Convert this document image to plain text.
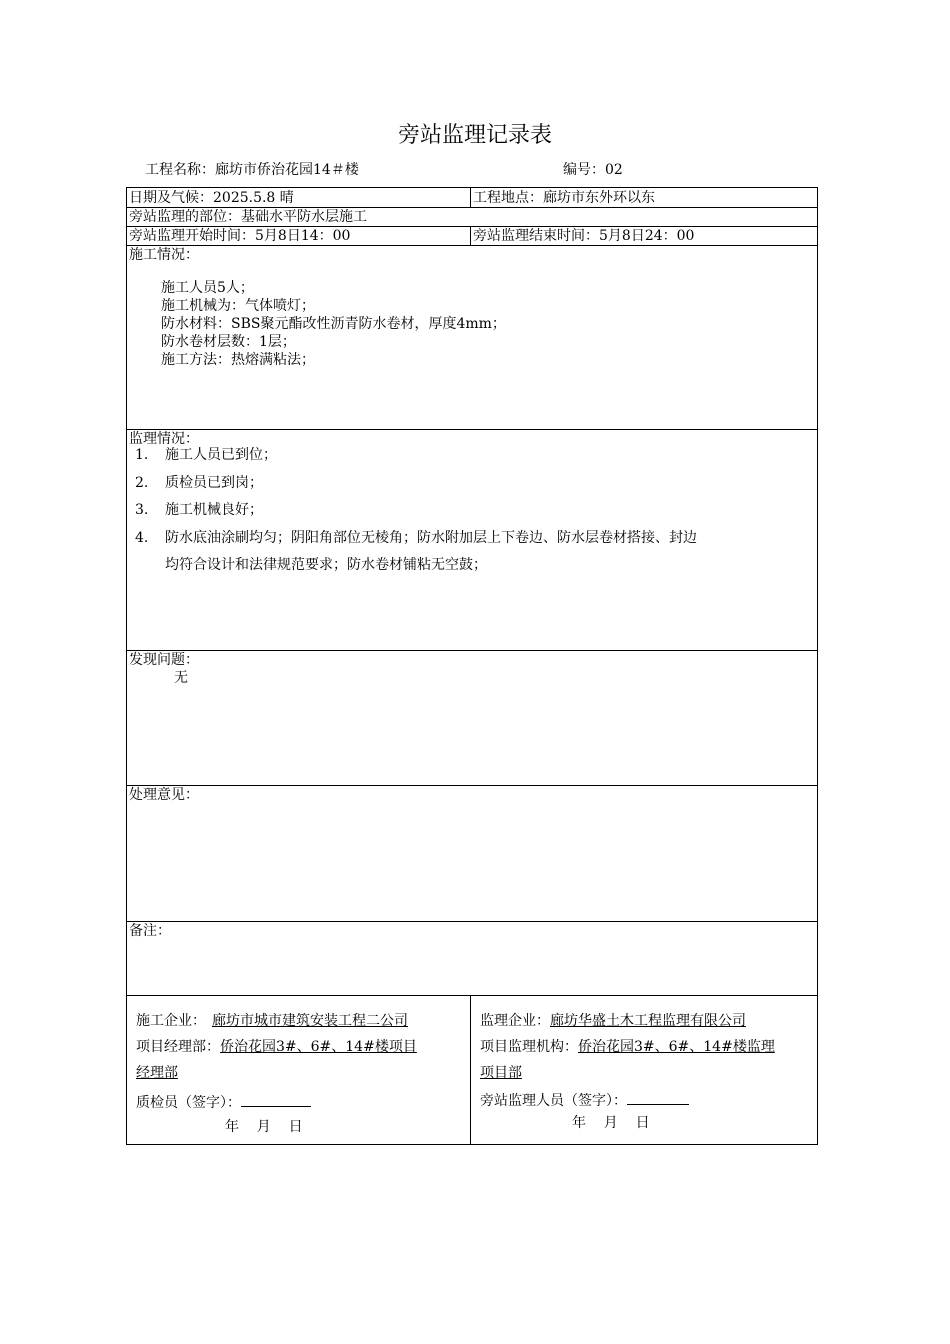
旁站监理记录表
工程名称：廊坊市侨治花园14＃楼	编号：02
日期及气候：2025.5.8 晴	工程地点：廊坊市东外环以东
旁站监理的部位：基础水平防水层施工
旁站监理开始时间：5月8日14：00	旁站监理结束时间：5月8日24：00
施工情况：
施工人员5人；
施工机械为：气体喷灯；
防水材料：SBS聚元酯改性沥青防水卷材，厚度4mm；
防水卷材层数：1层；
施工方法：热熔满粘法；
监理情况：
1. 施工人员已到位；
2. 质检员已到岗；
3. 施工机械良好；
4. 防水底油涂刷均匀；阴阳角部位无棱角；防水附加层上下卷边、防水层卷材搭接、封边
均符合设计和法律规范要求；防水卷材铺粘无空鼓；
发现问题：
无
处理意见：
备注：
施工企业： 廊坊市城市建筑安装工程二公司
项目经理部：侨治花园3#、6#、14#楼项目
经理部
质检员（签字）：
年    月    日
监理企业：廊坊华盛土木工程监理有限公司
项目监理机构：侨治花园3#、6#、14#楼监理
项目部
旁站监理人员（签字）：
年    月    日
